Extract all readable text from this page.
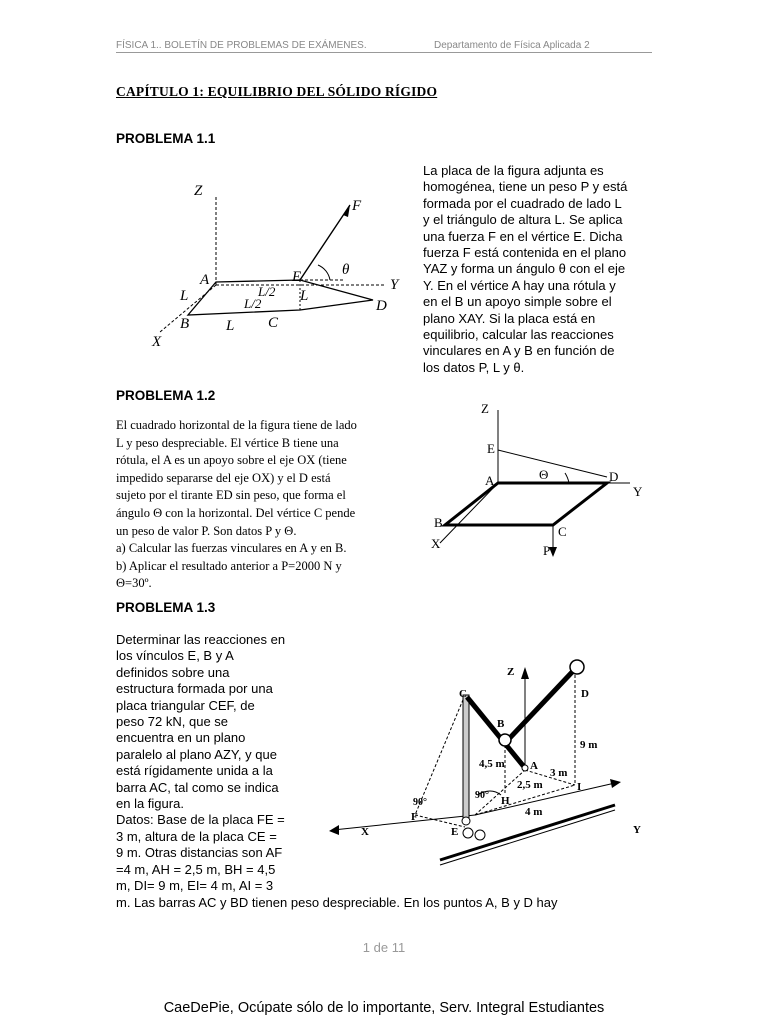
FÍSICA 1.. BOLETÍN DE PROBLEMAS DE EXÁMENES.	Departamento de Física Aplicada 2
CAPÍTULO 1: EQUILIBRIO DEL SÓLIDO RÍGIDO
PROBLEMA 1.1
La placa de la figura adjunta es
homogénea, tiene un peso P y está
formada por el cuadrado de lado L
y el triángulo de altura L. Se aplica
una fuerza F en el vértice E. Dicha
fuerza F está contenida en el plano
YAZ y forma un ángulo θ con el eje
Y. En el vértice A hay una rótula y
en el B un apoyo simple sobre el
plano XAY. Si la placa está en
equilibrio, calcular las reacciones
vinculares en A y B en función de
los datos P, L y θ.
Z
F
θ
A	E	Y
L	L/2
L/2	L
D
B L C
X
PROBLEMA 1.2
El cuadrado horizontal de la figura tiene de lado
L y peso despreciable. El vértice B tiene una
rótula, el A es un apoyo sobre el eje OX (tiene
impedido separarse del eje OX) y el D está
sujeto por el tirante ED sin peso, que forma el
ángulo Θ con la horizontal. Del vértice C pende
un peso de valor P. Son datos P y Θ.
a) Calcular las fuerzas vinculares en A y en B.
b) Aplicar el resultado anterior a P=2000 N y
Θ=30º.
Z
E
Θ
A	D
Y
B
X
C
P
PROBLEMA 1.3
Determinar las reacciones en
los vínculos E, B y A
definidos sobre una
estructura formada por una
placa triangular CEF, de
peso 72 kN, que se
encuentra en un plano
paralelo al plano AZY, y que
está rígidamente unida a la
barra AC, tal como se indica
en la figura.
Datos: Base de la placa FE =
3 m, altura de la placa CE =
9 m. Otras distancias son AF
=4 m, AH = 2,5 m, BH = 4,5
m, DI= 9 m, EI= 4 m, AI = 3
m. Las barras AC y BD tienen peso despreciable. En los puntos A, B y D hay
Z
C	D
B
9 m
4,5 m A
3 m
2,5 m	I
90°
90° H
F	4 m
X	E	Y
1 de 11
CaeDePie, Ocúpate sólo de lo importante, Serv. Integral Estudiantes
